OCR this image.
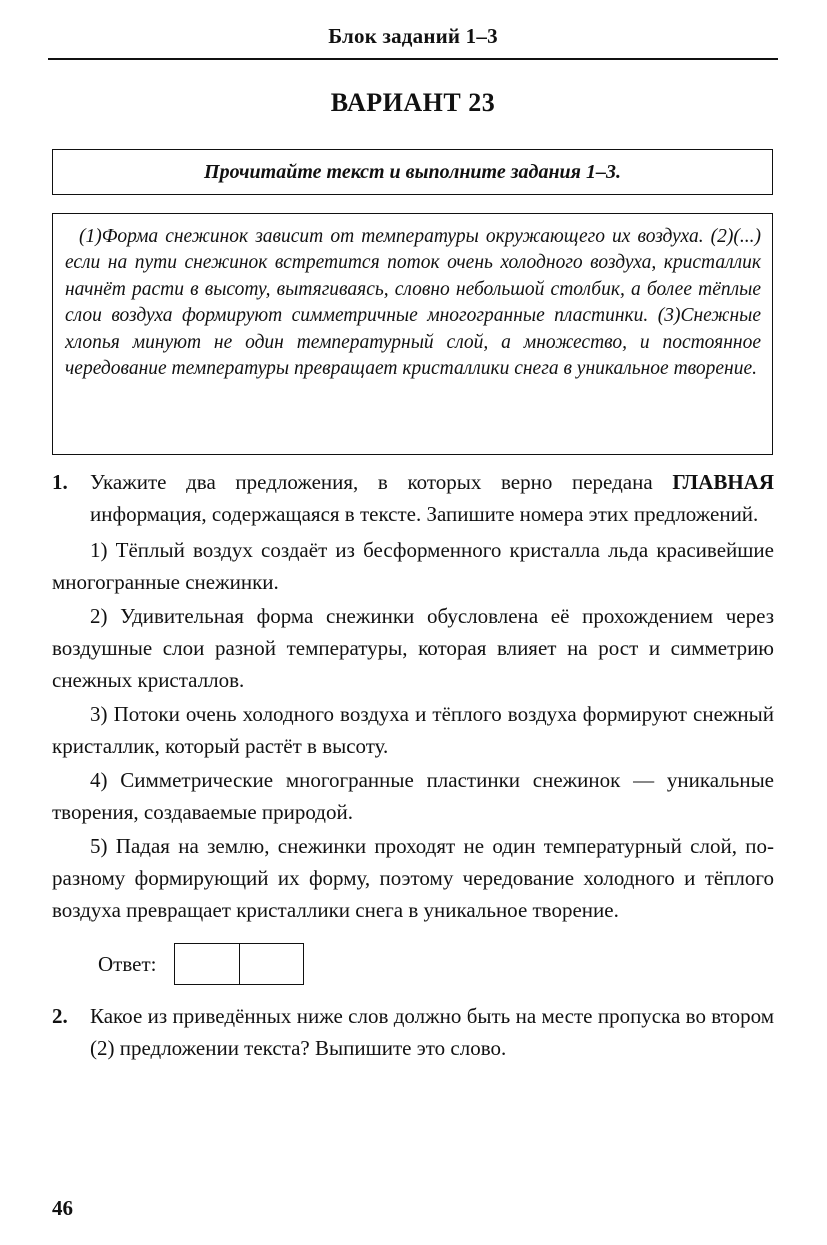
Блок заданий 1–3
ВАРИАНТ 23
Прочитайте текст и выполните задания 1–3.

(1)Форма снежинок зависит от температуры окружающего их воздуха. (2)(...) если на пути снежинок встретится поток очень холодного воздуха, кристаллик начнёт расти в высоту, вытягиваясь, словно небольшой столбик, а более тёплые слои воздуха формируют симметричные многогранные пластинки. (3)Снежные хлопья минуют не один температурный слой, а множество, и постоянное чередование температуры превращает кристаллики снега в уникальное творение.

1. Укажите два предложения, в которых верно передана ГЛАВНАЯ информация, содержащаяся в тексте. Запишите номера этих предложений.

1) Тёплый воздух создаёт из бесформенного кристалла льда красивейшие многогранные снежинки.

2) Удивительная форма снежинки обусловлена её прохождением через воздушные слои разной температуры, которая влияет на рост и симметрию снежных кристаллов.

3) Потоки очень холодного воздуха и тёплого воздуха формируют снежный кристаллик, который растёт в высоту.

4) Симметрические многогранные пластинки снежинок — уникальные творения, создаваемые природой.

5) Падая на землю, снежинки проходят не один температурный слой, по-разному формирующий их форму, поэтому чередование холодного и тёплого воздуха превращает кристаллики снега в уникальное творение.

Ответ:
2. Какое из приведённых ниже слов должно быть на месте пропуска во втором (2) предложении текста? Выпишите это слово.

46
